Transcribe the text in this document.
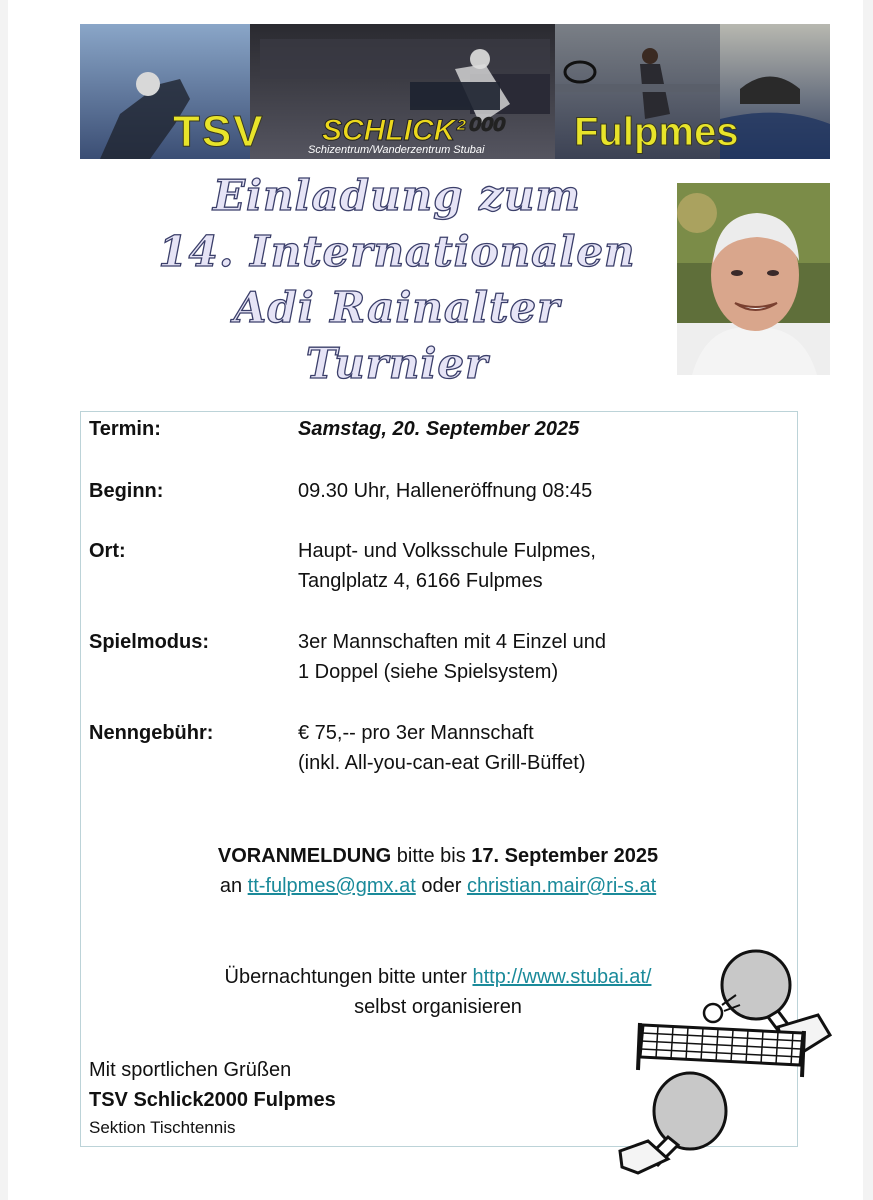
TSV SCHLICK²⁰⁰⁰
Schizentrum/Wanderzentrum Stubai Fulpmes
Einladung zum
14. Internationalen
Adi Rainalter
Turnier
Termin:	Samstag, 20. September 2025
Beginn:	09.30 Uhr, Halleneröffnung 08:45
Ort:	Haupt- und Volksschule Fulpmes,
Tanglplatz 4, 6166 Fulpmes
Spielmodus:	3er Mannschaften mit 4 Einzel und
1 Doppel (siehe Spielsystem)
Nenngebühr:	€ 75,-- pro 3er Mannschaft
(inkl. All-you-can-eat Grill-Büffet)
VORANMELDUNG bitte bis 17. September 2025
an tt-fulpmes@gmx.at oder christian.mair@ri-s.at
Übernachtungen bitte unter http://www.stubai.at/
selbst organisieren
Mit sportlichen Grüßen
TSV Schlick2000 Fulpmes
Sektion Tischtennis
